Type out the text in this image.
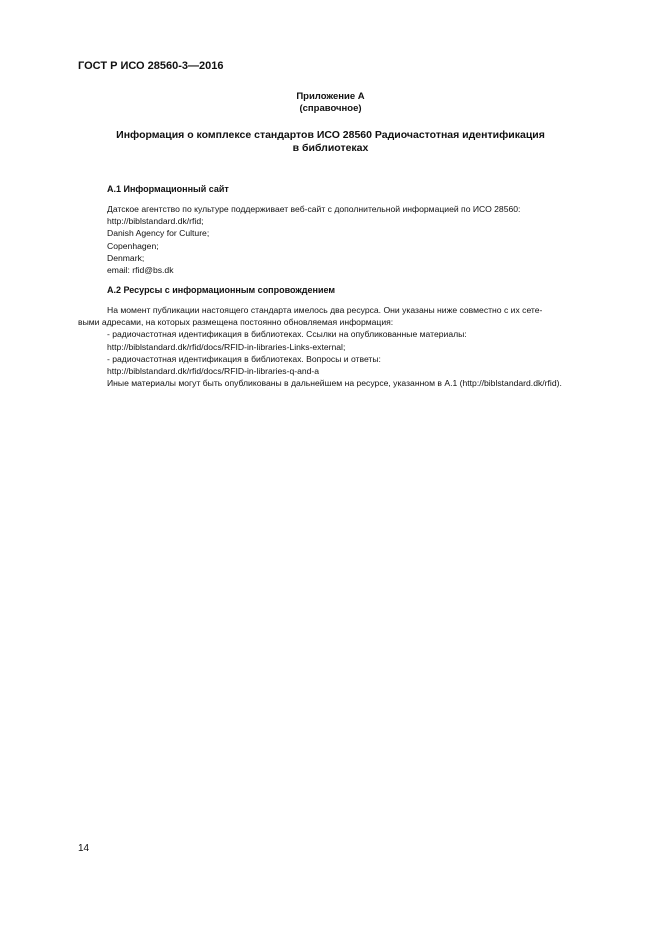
ГОСТ Р ИСО 28560-3—2016
Приложение А
(справочное)
Информация о комплексе стандартов ИСО 28560 Радиочастотная идентификация
в библиотеках
А.1 Информационный сайт
Датское агентство по культуре поддерживает веб-сайт с дополнительной информацией по ИСО 28560:
http://biblstandard.dk/rfid;
Danish Agency for Culture;
Copenhagen;
Denmark;
email: rfid@bs.dk
А.2 Ресурсы с информационным сопровождением
На момент публикации настоящего стандарта имелось два ресурса. Они указаны ниже совместно с их сете-
выми адресами, на которых размещена постоянно обновляемая информация:
- радиочастотная идентификация в библиотеках. Ссылки на опубликованные материалы:
http://biblstandard.dk/rfid/docs/RFID-in-libraries-Links-external;
- радиочастотная идентификация в библиотеках. Вопросы и ответы:
http://biblstandard.dk/rfid/docs/RFID-in-libraries-q-and-a
Иные материалы могут быть опубликованы в дальнейшем на ресурсе, указанном в А.1 (http://biblstandard.dk/rfid).
14
